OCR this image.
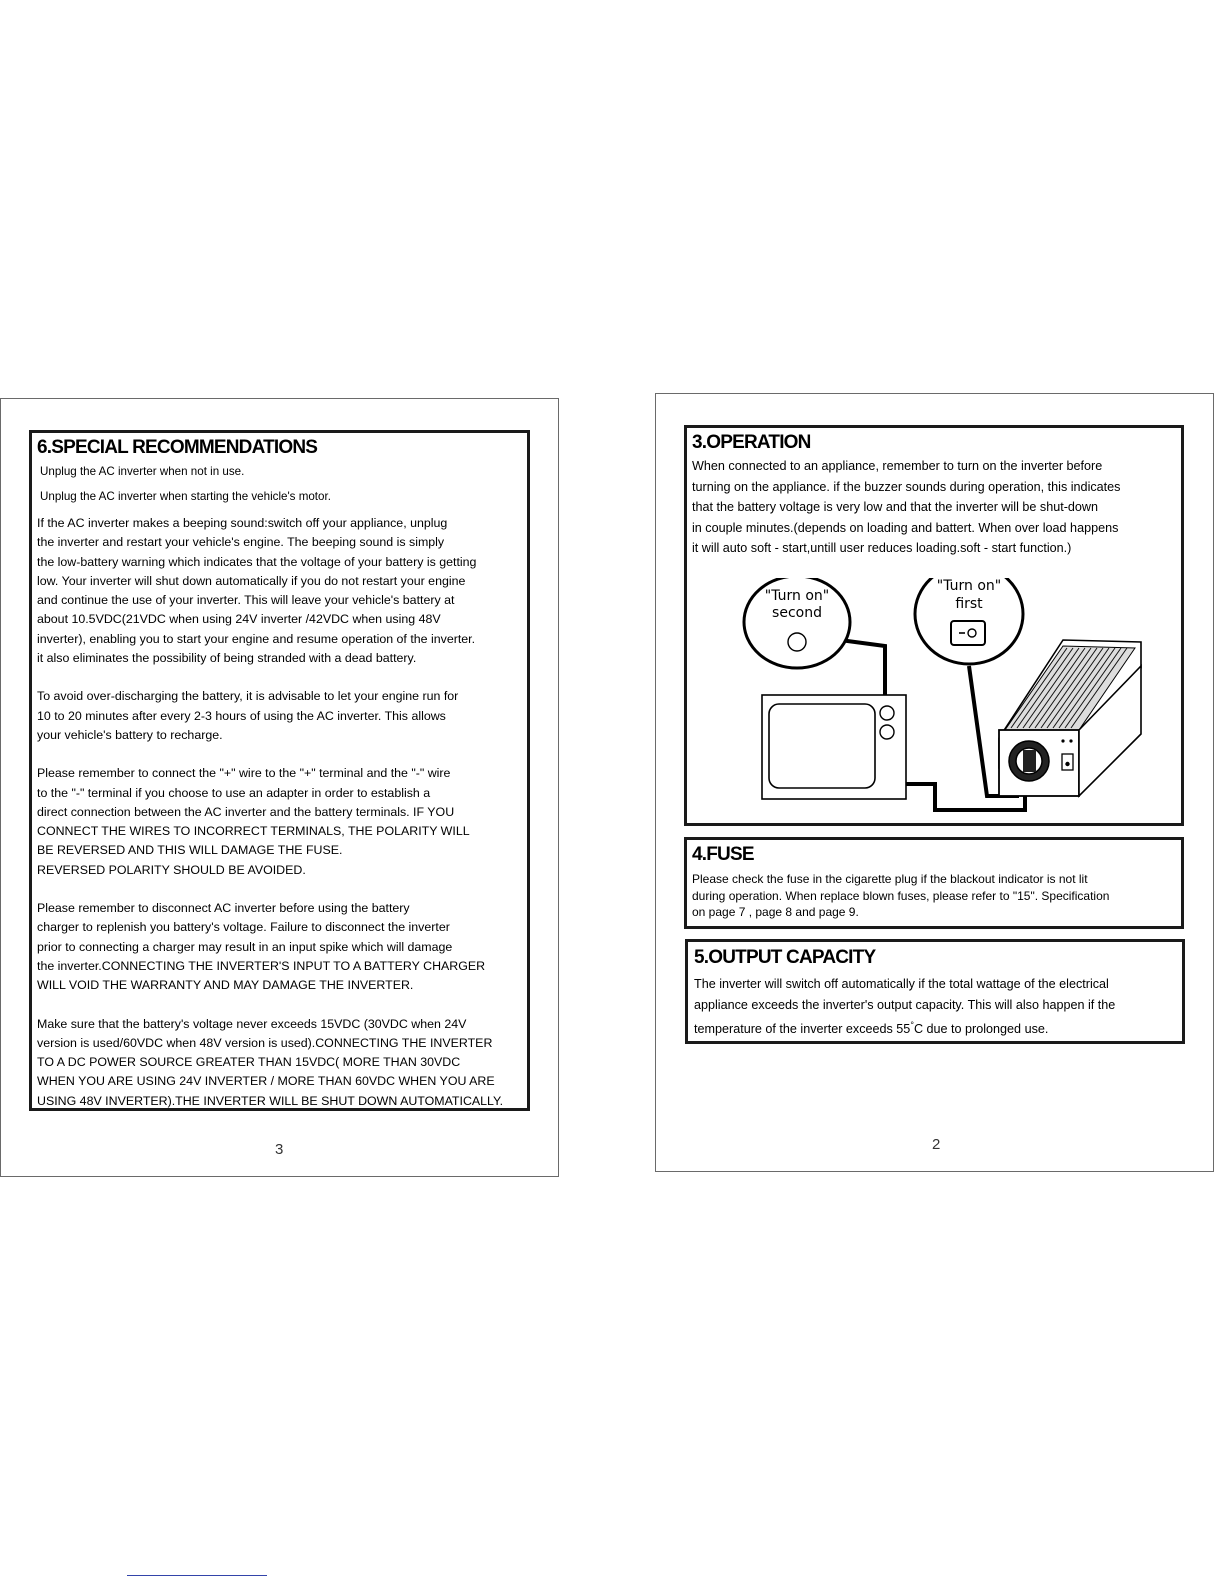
6.SPECIAL RECOMMENDATIONS

Unplug the AC inverter when not in use.

Unplug the AC inverter when starting the vehicle's motor.

If the AC inverter makes a beeping sound:switch off your appliance, unplug
the inverter and restart your vehicle's engine. The beeping sound is simply
the low-battery warning which indicates that the voltage of your battery is getting
low. Your inverter will shut down automatically if you do not restart your engine
and continue the use of your inverter. This will leave your vehicle's battery at
about 10.5VDC(21VDC when using 24V inverter /42VDC when using 48V
inverter), enabling you to start your engine and resume operation of the inverter.
it also eliminates the possibility of being stranded with a dead battery.

To avoid over-discharging the battery, it is advisable to let your engine run for
10 to 20 minutes after every 2-3 hours of using the AC inverter. This allows
your vehicle's battery to recharge.

Please remember to connect the "+" wire to the "+" terminal and the "-" wire
to the "-" terminal if you choose to use an adapter in order to establish a
direct connection between the AC inverter and the battery terminals. IF YOU
CONNECT THE WIRES TO INCORRECT TERMINALS, THE POLARITY WILL
BE REVERSED AND THIS WILL DAMAGE THE FUSE.
REVERSED POLARITY SHOULD BE AVOIDED.

Please remember to disconnect AC inverter before using the battery
charger to replenish you battery's voltage. Failure to disconnect the inverter
prior to connecting a charger may result in an input spike which will damage
the inverter.CONNECTING THE INVERTER'S INPUT TO A BATTERY CHARGER
WILL VOID THE WARRANTY AND MAY DAMAGE THE INVERTER.

Make sure that the battery's voltage never exceeds 15VDC (30VDC when 24V
version is used/60VDC when 48V version is used).CONNECTING THE INVERTER
TO A DC POWER SOURCE GREATER THAN 15VDC( MORE THAN 30VDC
WHEN YOU ARE USING 24V INVERTER / MORE THAN 60VDC WHEN YOU ARE
USING 48V INVERTER).THE INVERTER WILL BE SHUT DOWN AUTOMATICALLY.

3

3.OPERATION

When connected to an appliance, remember to turn on the inverter before
turning on the appliance. if the buzzer sounds during operation, this indicates
that the battery voltage is very low and that the inverter will be shut-down
in couple minutes.(depends on loading and battert. When over load happens
it will auto soft - start,untill user reduces loading.soft - start function.)

"Turn on"
second
"Turn on"
first

4.FUSE

Please check the fuse in the cigarette plug if the blackout indicator is not lit
during operation. When replace blown fuses, please refer to "15". Specification
on page 7 , page 8 and page 9.

5.OUTPUT CAPACITY

The inverter will switch off automatically if the total wattage of the electrical
appliance exceeds the inverter's output capacity. This will also happen if the
temperature of the inverter exceeds 55°C due to prolonged use.

2
